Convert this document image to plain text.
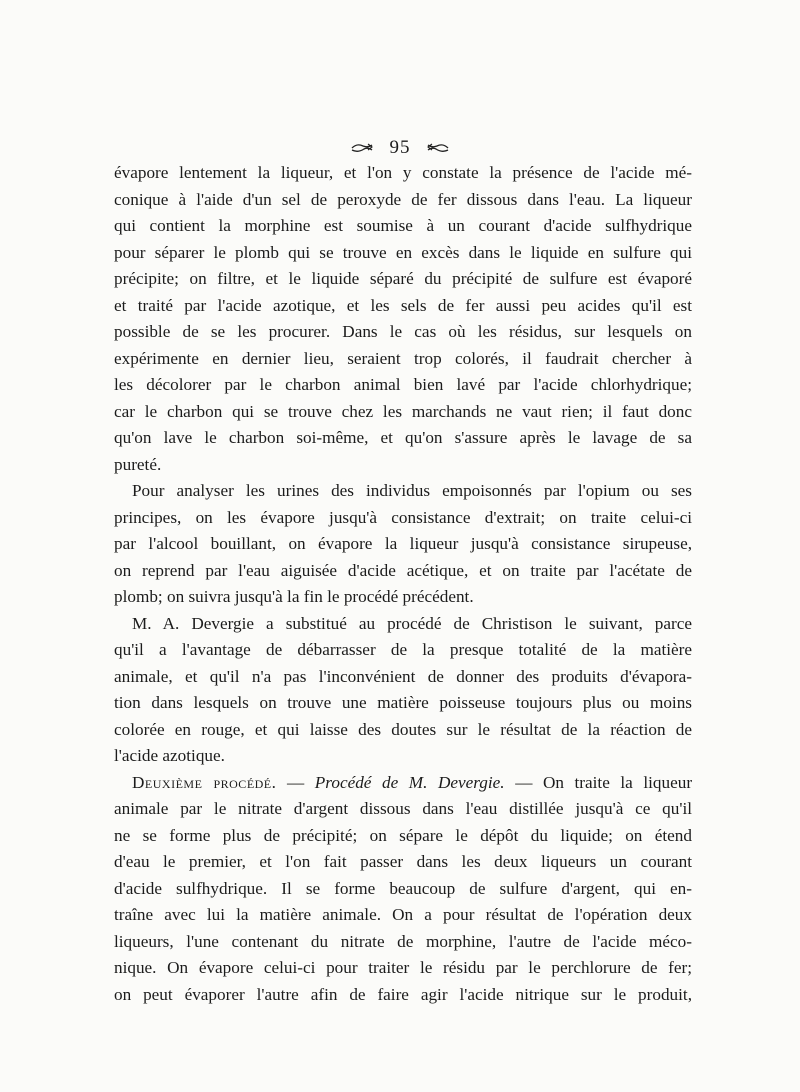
95
évapore lentement la liqueur, et l'on y constate la présence de l'acide mé-
conique à l'aide d'un sel de peroxyde de fer dissous dans l'eau. La liqueur
qui contient la morphine est soumise à un courant d'acide sulfhydrique
pour séparer le plomb qui se trouve en excès dans le liquide en sulfure qui
précipite; on filtre, et le liquide séparé du précipité de sulfure est évaporé
et traité par l'acide azotique, et les sels de fer aussi peu acides qu'il est
possible de se les procurer. Dans le cas où les résidus, sur lesquels on
expérimente en dernier lieu, seraient trop colorés, il faudrait chercher à
les décolorer par le charbon animal bien lavé par l'acide chlorhydrique;
car le charbon qui se trouve chez les marchands ne vaut rien; il faut donc
qu'on lave le charbon soi-même, et qu'on s'assure après le lavage de sa
pureté.
Pour analyser les urines des individus empoisonnés par l'opium ou ses
principes, on les évapore jusqu'à consistance d'extrait; on traite celui-ci
par l'alcool bouillant, on évapore la liqueur jusqu'à consistance sirupeuse,
on reprend par l'eau aiguisée d'acide acétique, et on traite par l'acétate de
plomb; on suivra jusqu'à la fin le procédé précédent.
M. A. Devergie a substitué au procédé de Christison le suivant, parce
qu'il a l'avantage de débarrasser de la presque totalité de la matière
animale, et qu'il n'a pas l'inconvénient de donner des produits d'évapora-
tion dans lesquels on trouve une matière poisseuse toujours plus ou moins
colorée en rouge, et qui laisse des doutes sur le résultat de la réaction de
l'acide azotique.
Deuxième procédé. — Procédé de M. Devergie. — On traite la liqueur
animale par le nitrate d'argent dissous dans l'eau distillée jusqu'à ce qu'il
ne se forme plus de précipité; on sépare le dépôt du liquide; on étend
d'eau le premier, et l'on fait passer dans les deux liqueurs un courant
d'acide sulfhydrique. Il se forme beaucoup de sulfure d'argent, qui en-
traîne avec lui la matière animale. On a pour résultat de l'opération deux
liqueurs, l'une contenant du nitrate de morphine, l'autre de l'acide méco-
nique. On évapore celui-ci pour traiter le résidu par le perchlorure de fer;
on peut évaporer l'autre afin de faire agir l'acide nitrique sur le produit,
